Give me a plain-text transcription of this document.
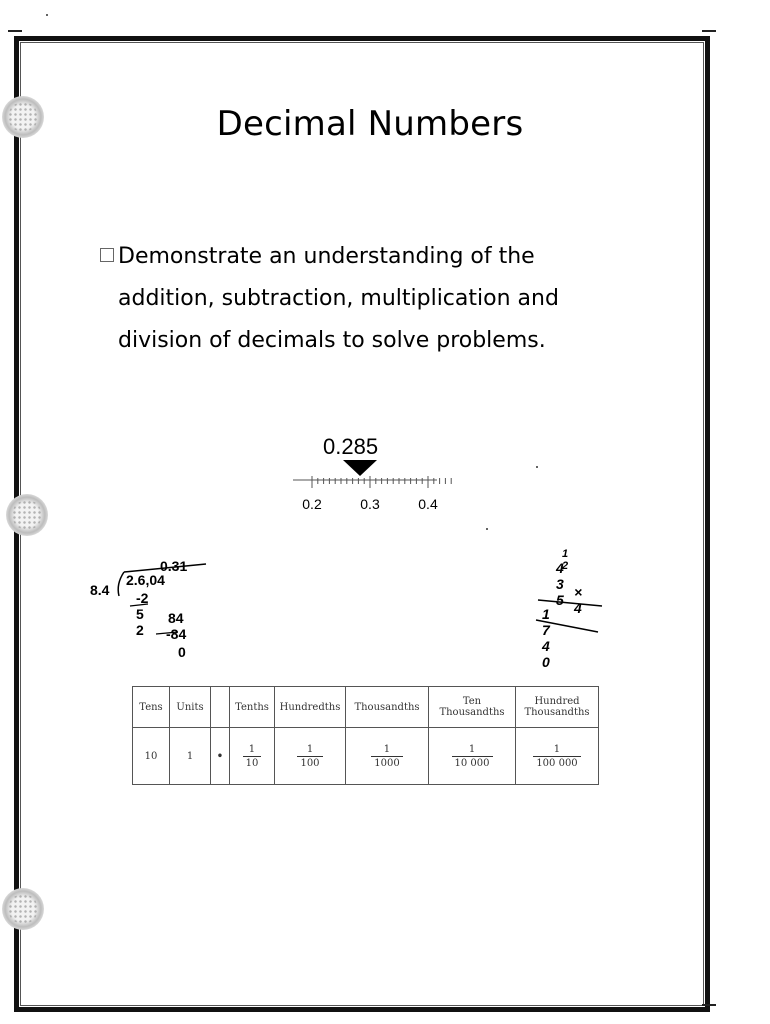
Decimal Numbers
Demonstrate an understanding of the addition, subtraction, multiplication and division of decimals to solve problems.
0.285
0.2	0.3	0.4
0.31
8.4
2.6,04
-2 5 2
84
-84
0
1 2
4 3 5 × 4
1 7 4 0
Tens	Units		Tenths	Hundredths	Thousandths	Ten Thousandths	Hundred Thousandths
10	1	•	$\frac{1}{10}$	$\frac{1}{100}$	$\frac{1}{1000}$	$\frac{1}{10 000}$	$\frac{1}{100 000}$
